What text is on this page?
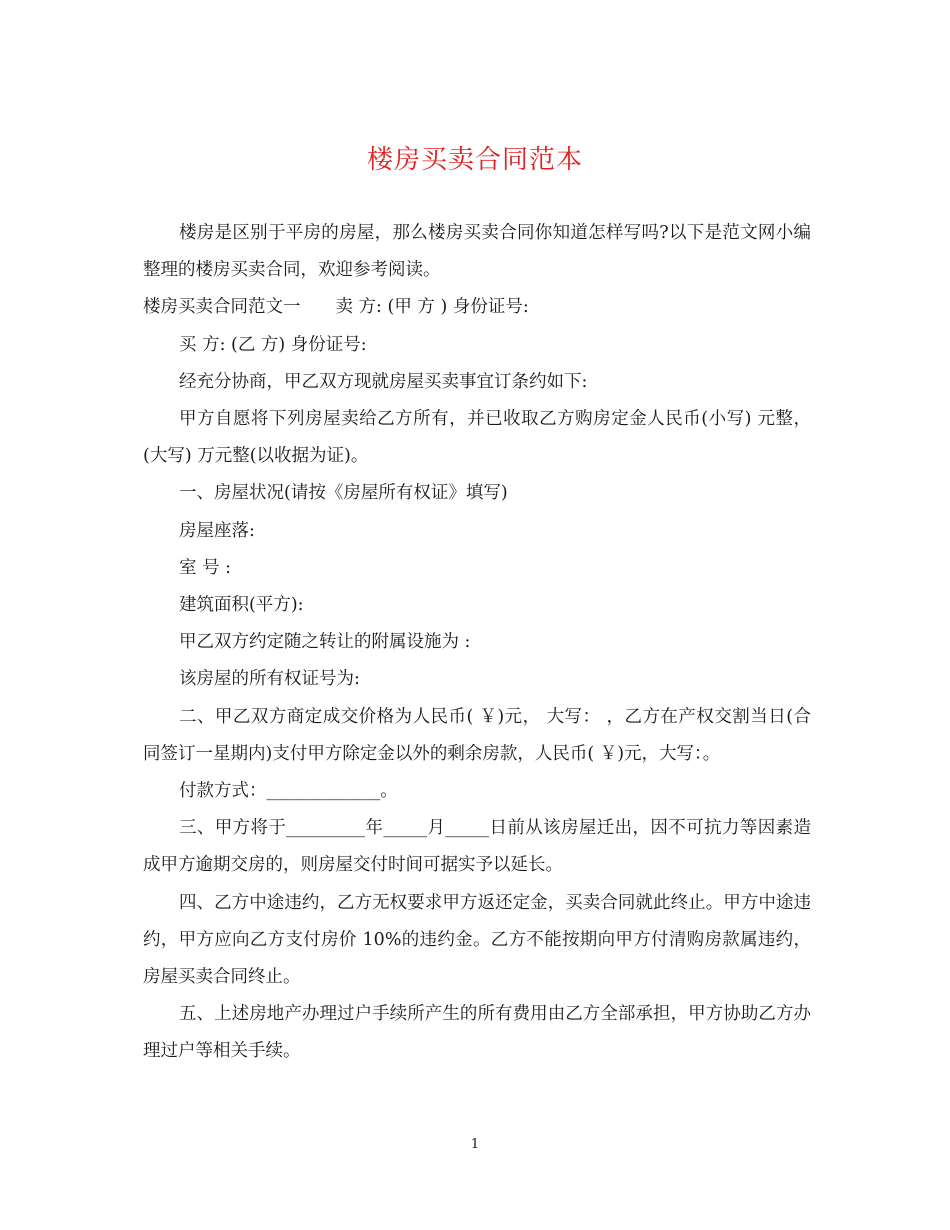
楼房买卖合同范本

楼房是区别于平房的房屋，那么楼房买卖合同你知道怎样写吗?以下是范文网小编整理的楼房买卖合同，欢迎参考阅读。

楼房买卖合同范文一　　卖 方: (甲 方 ) 身份证号:

买 方: (乙 方) 身份证号:

经充分协商，甲乙双方现就房屋买卖事宜订条约如下:

甲方自愿将下列房屋卖给乙方所有，并已收取乙方购房定金人民币(小写) 元整，(大写) 万元整(以收据为证)。

一、房屋状况(请按《房屋所有权证》填写)

房屋座落:

室 号 :

建筑面积(平方):

甲乙双方约定随之转让的附属设施为 :

该房屋的所有权证号为:

二、甲乙双方商定成交价格为人民币( ￥)元， 大写： ，乙方在产权交割当日(合同签订一星期内)支付甲方除定金以外的剩余房款，人民币( ￥)元，大写：。

付款方式：_____________。

三、甲方将于_________年_____月_____日前从该房屋迁出，因不可抗力等因素造成甲方逾期交房的，则房屋交付时间可据实予以延长。

四、乙方中途违约，乙方无权要求甲方返还定金，买卖合同就此终止。甲方中途违约，甲方应向乙方支付房价 10%的违约金。乙方不能按期向甲方付清购房款属违约，房屋买卖合同终止。

五、上述房地产办理过户手续所产生的所有费用由乙方全部承担，甲方协助乙方办理过户等相关手续。

1
